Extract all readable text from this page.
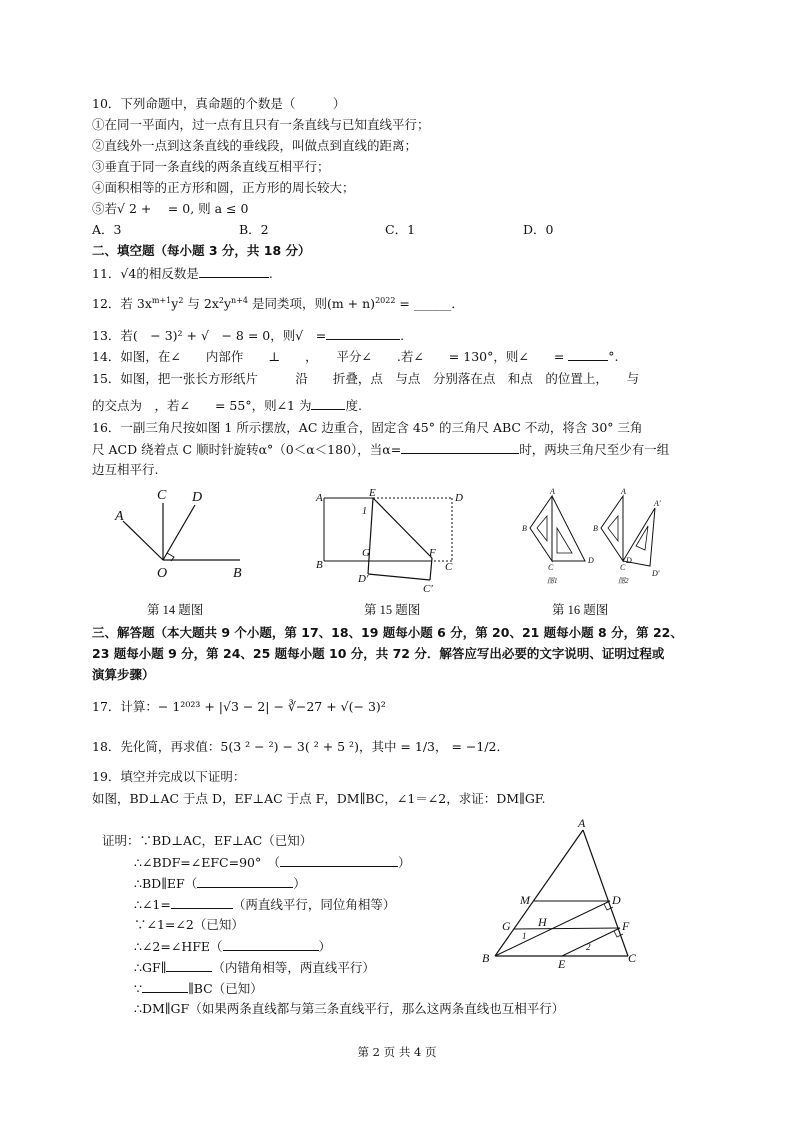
10．下列命题中，真命题的个数是（　　　）
①在同一平面内，过一点有且只有一条直线与已知直线平行；
②直线外一点到这条直线的垂线段，叫做点到直线的距离；
③垂直于同一条直线的两条直线互相平行；
④面积相等的正方形和圆，正方形的周长较大；
⑤若√ 2 + 　= 0, 则 a ≤ 0
A．3	B．2	C．1	D．0
二、填空题（每小题 3 分，共 18 分）
11．√4的相反数是	.
12．若 $3x^{m+1}y^2$ 与 $2x^2y^{n+4}$ 是同类项，则$(m + n)^{2022}$ = ______．
13．若(　− 3)² + √　− 8 = 0，则√　=	.
14．如图，在∠　　内部作　　⊥　　，　　平分∠　　.若∠　　= 130°，则∠　　=	°.
15．如图，把一张长方形纸片　　　沿　　折叠，点　与点　分别落在点　和点　的位置上，　　与
的交点为　，若∠　　= 55°，则∠1 为	度.
16．一副三角尺按如图 1 所示摆放，AC 边重合，固定含 45° 的三角尺 ABC 不动，将含 30° 三角
尺 ACD 绕着点 C 顺时针旋转α°（0＜α＜180），当α=	时，两块三角尺至少有一组
边互相平行.
A
C D
O	B
第 14 题图
A	E	D
1
G	F
B
D′
C
C′
第 15 题图
A
B
C
D
图1
A
A′
B
C
D
D′
图2
第 16 题图
三、解答题（本大题共 9 个小题，第 17、18、19 题每小题 6 分，第 20、21 题每小题 8 分，第 22、
23 题每小题 9 分，第 24、25 题每小题 10 分，共 72 分．解答应写出必要的文字说明、证明过程或
演算步骤）
17．计算：− 1²⁰²³ + |√3 − 2| − ∛−27 + √(− 3)²
18．先化简，再求值：5(3 ² − ²) − 3( ² + 5 ²)，其中 = 1/3， = −1/2．
19．填空并完成以下证明：
如图，BD⊥AC 于点 D，EF⊥AC 于点 F，DM∥BC，∠1＝∠2，求证：DM∥GF.
证明：∵BD⊥AC，EF⊥AC（已知）
∴∠BDF=∠EFC=90°　（	）
∴BD∥EF（	）
∴∠1=	（两直线平行，同位角相等）
∵∠1=∠2（已知）
∴∠2=∠HFE（	）
∴GF∥	（内错角相等，两直线平行）
∵	∥BC（已知）
∴DM∥GF（如果两条直线都与第三条直线平行，那么这两条直线也互相平行）
A
M	D
G H	F
1
2
B	E	C
第 2 页 共 4 页
